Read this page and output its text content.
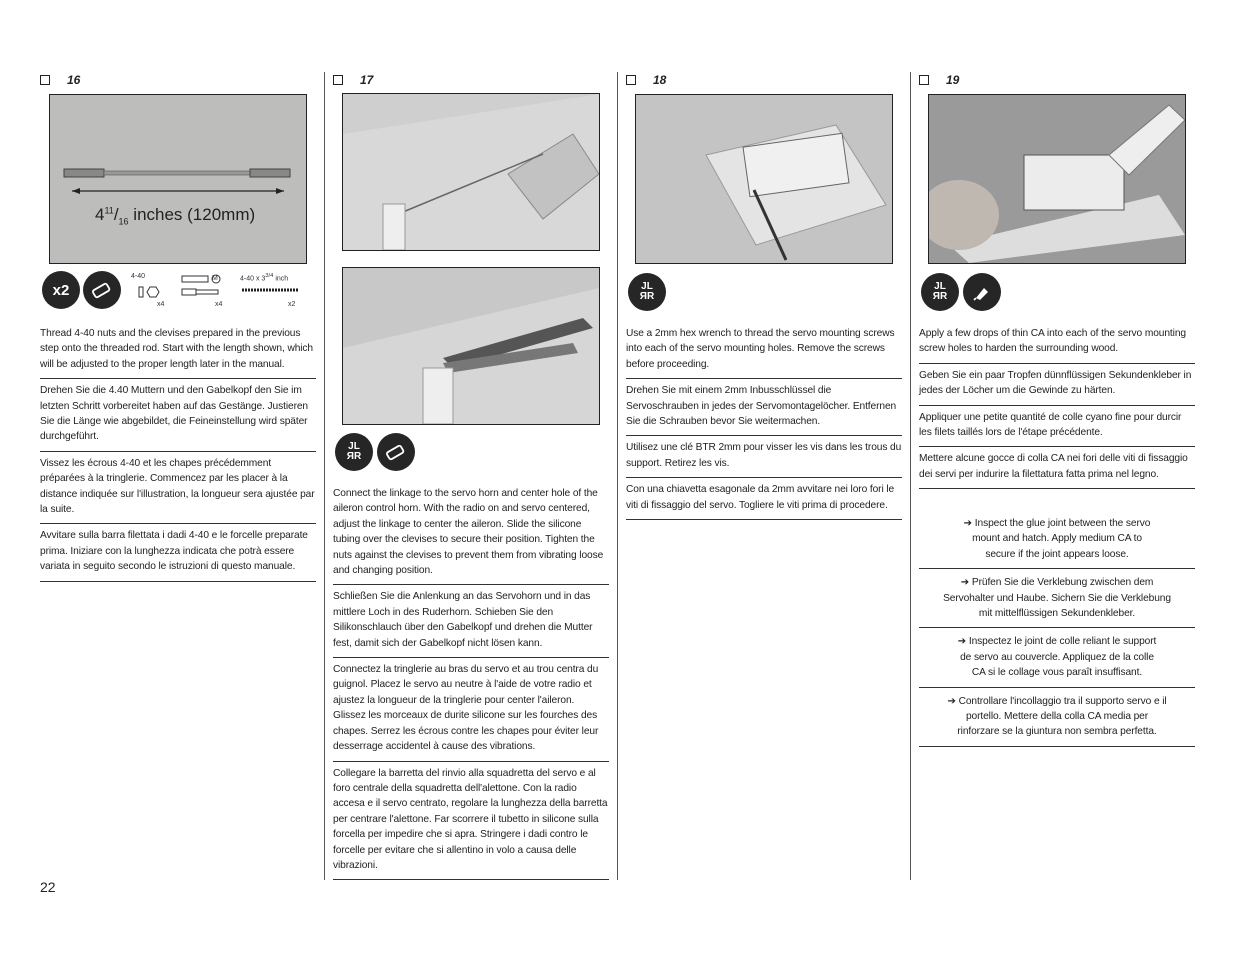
16
$4^{11}/_{16}$ inches (120mm)
x2
4-40
x4
M
x4
4-40 x $3^{3/4}$ inch
x2

Thread 4-40 nuts and the clevises prepared in the previous step onto the threaded rod. Start with the length shown, which will be adjusted to the proper length later in the manual.

Drehen Sie die 4.40 Muttern und den Gabelkopf den Sie im letzten Schritt vorbereitet haben auf das Gestänge. Justieren Sie die Länge wie abgebildet, die Feineinstellung wird später durchgeführt.

Vissez les écrous 4-40 et les chapes précédemment préparées à la tringlerie. Commencez par les placer à la distance indiquée sur l'illustration, la longueur sera ajustée par la suite.

Avvitare sulla barra filettata i dadi 4-40 e le forcelle preparate prima. Iniziare con la lunghezza indicata che potrà essere variata in seguito secondo le istruzioni di questo manuale.

17
JL
ЯR

Connect the linkage to the servo horn and center hole of the aileron control horn. With the radio on and servo centered, adjust the linkage to center the aileron. Slide the silicone tubing over the clevises to secure their position. Tighten the nuts against the clevises to prevent them from vibrating loose and changing position.

Schließen Sie die Anlenkung an das Servohorn und in das mittlere Loch in des Ruderhorn. Schieben Sie den Silikonschlauch über den Gabelkopf und drehen die Mutter fest, damit sich der Gabelkopf nicht lösen kann.

Connectez la tringlerie au bras du servo et au trou centra du guignol. Placez le servo au neutre à l'aide de votre radio et ajustez la longueur de la tringlerie pour center l'aileron. Glissez les morceaux de durite silicone sur les fourches des chapes. Serrez les écrous contre les chapes pour éviter leur desserrage accidentel à cause des vibrations.

Collegare la barretta del rinvio alla squadretta del servo e al foro centrale della squadretta dell'alettone. Con la radio accesa e il servo centrato, regolare la lunghezza della barretta per centrare l'alettone. Far scorrere il tubetto in silicone sulla forcella per impedire che si apra. Stringere i dadi contro le forcelle per evitare che si allentino in volo a causa delle vibrazioni.

18
JL
ЯR

Use a 2mm hex wrench to thread the servo mounting screws into each of the servo mounting holes. Remove the screws before proceeding.

Drehen Sie mit einem 2mm Inbusschlüssel die Servoschrauben in jedes der Servomontagelöcher. Entfernen Sie die Schrauben bevor Sie weitermachen.

Utilisez une clé BTR 2mm pour visser les vis dans les trous du support. Retirez les vis.

Con una chiavetta esagonale da 2mm avvitare nei loro fori le viti di fissaggio del servo. Togliere le viti prima di procedere.

19
JL
ЯR

Apply a few drops of thin CA into each of the servo mounting screw holes to harden the surrounding wood.

Geben Sie ein paar Tropfen dünnflüssigen Sekundenkleber in jedes der Löcher um die Gewinde zu härten.

Appliquer une petite quantité de colle cyano fine pour durcir les filets taillés lors de l'étape précédente.

Mettere alcune gocce di colla CA nei fori delle viti di fissaggio dei servi per indurire la filettatura fatta prima nel legno.

➔ Inspect the glue joint between the servo mount and hatch. Apply medium CA to secure if the joint appears loose.

➔ Prüfen Sie die Verklebung zwischen dem Servohalter und Haube. Sichern Sie die Verklebung mit mittelflüssigen Sekundenkleber.

➔ Inspectez le joint de colle reliant le support de servo au couvercle. Appliquez de la colle CA si le collage vous paraît insuffisant.

➔ Controllare l'incollaggio tra il supporto servo e il portello. Mettere della colla CA media per rinforzare se la giuntura non sembra perfetta.

22
